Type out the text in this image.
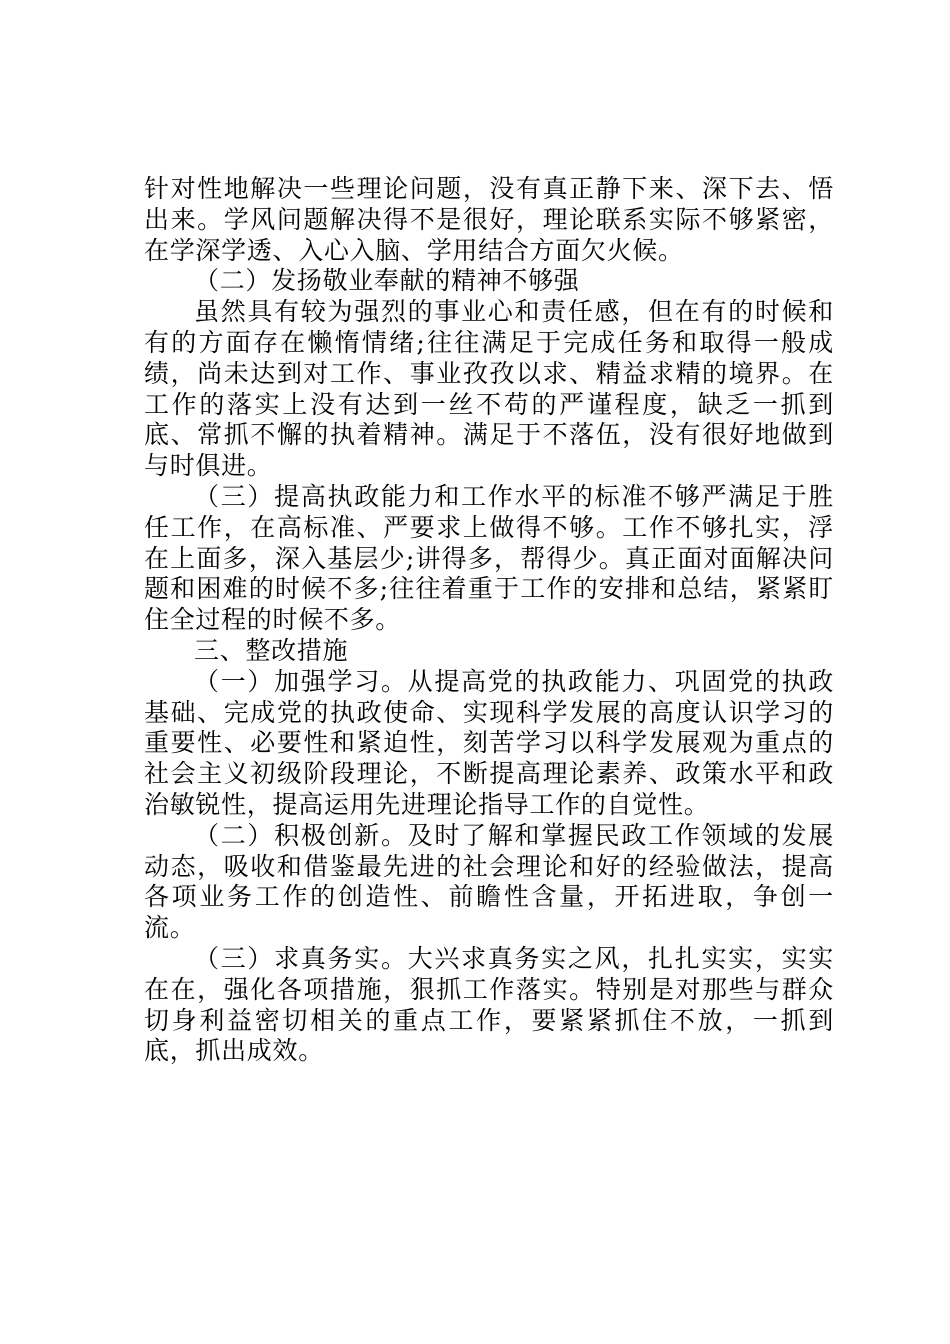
针对性地解决一些理论问题，没有真正静下来、深下去、悟出来。学风问题解决得不是很好，理论联系实际不够紧密，在学深学透、入心入脑、学用结合方面欠火候。

（二）发扬敬业奉献的精神不够强

虽然具有较为强烈的事业心和责任感，但在有的时候和有的方面存在懒惰情绪;往往满足于完成任务和取得一般成绩，尚未达到对工作、事业孜孜以求、精益求精的境界。在工作的落实上没有达到一丝不苟的严谨程度，缺乏一抓到底、常抓不懈的执着精神。满足于不落伍，没有很好地做到与时俱进。

（三）提高执政能力和工作水平的标准不够严满足于胜任工作，在高标准、严要求上做得不够。工作不够扎实，浮在上面多，深入基层少;讲得多，帮得少。真正面对面解决问题和困难的时候不多;往往着重于工作的安排和总结，紧紧盯住全过程的时候不多。

三、整改措施

（一）加强学习。从提高党的执政能力、巩固党的执政基础、完成党的执政使命、实现科学发展的高度认识学习的重要性、必要性和紧迫性，刻苦学习以科学发展观为重点的社会主义初级阶段理论，不断提高理论素养、政策水平和政治敏锐性，提高运用先进理论指导工作的自觉性。

（二）积极创新。及时了解和掌握民政工作领域的发展动态，吸收和借鉴最先进的社会理论和好的经验做法，提高各项业务工作的创造性、前瞻性含量，开拓进取，争创一流。

（三）求真务实。大兴求真务实之风，扎扎实实，实实在在，强化各项措施，狠抓工作落实。特别是对那些与群众切身利益密切相关的重点工作，要紧紧抓住不放，一抓到底，抓出成效。
